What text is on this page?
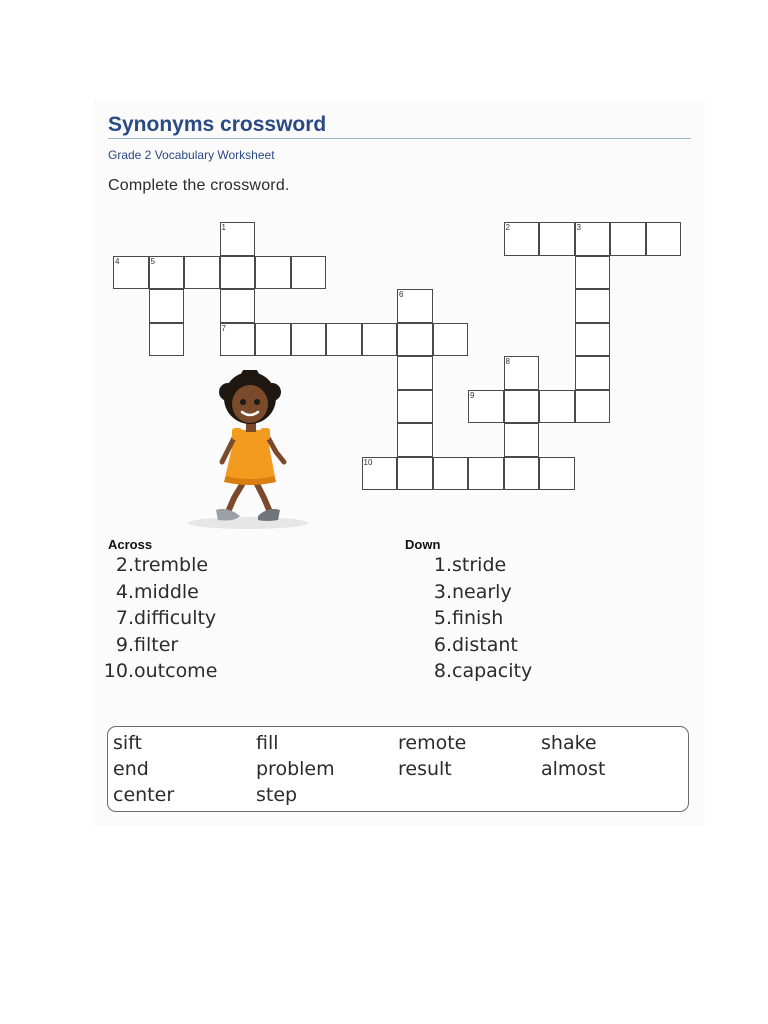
Synonyms crossword
Grade 2 Vocabulary Worksheet
Complete the crossword.
1	2	3
4	5
6
7
8
9
10
Across
2.tremble
4.middle
7.difficulty
9.filter
10.outcome
Down
1.stride
3.nearly
5.finish
6.distant
8.capacity
sift	fill	remote	shake
end	problem	result	almost
center	step
